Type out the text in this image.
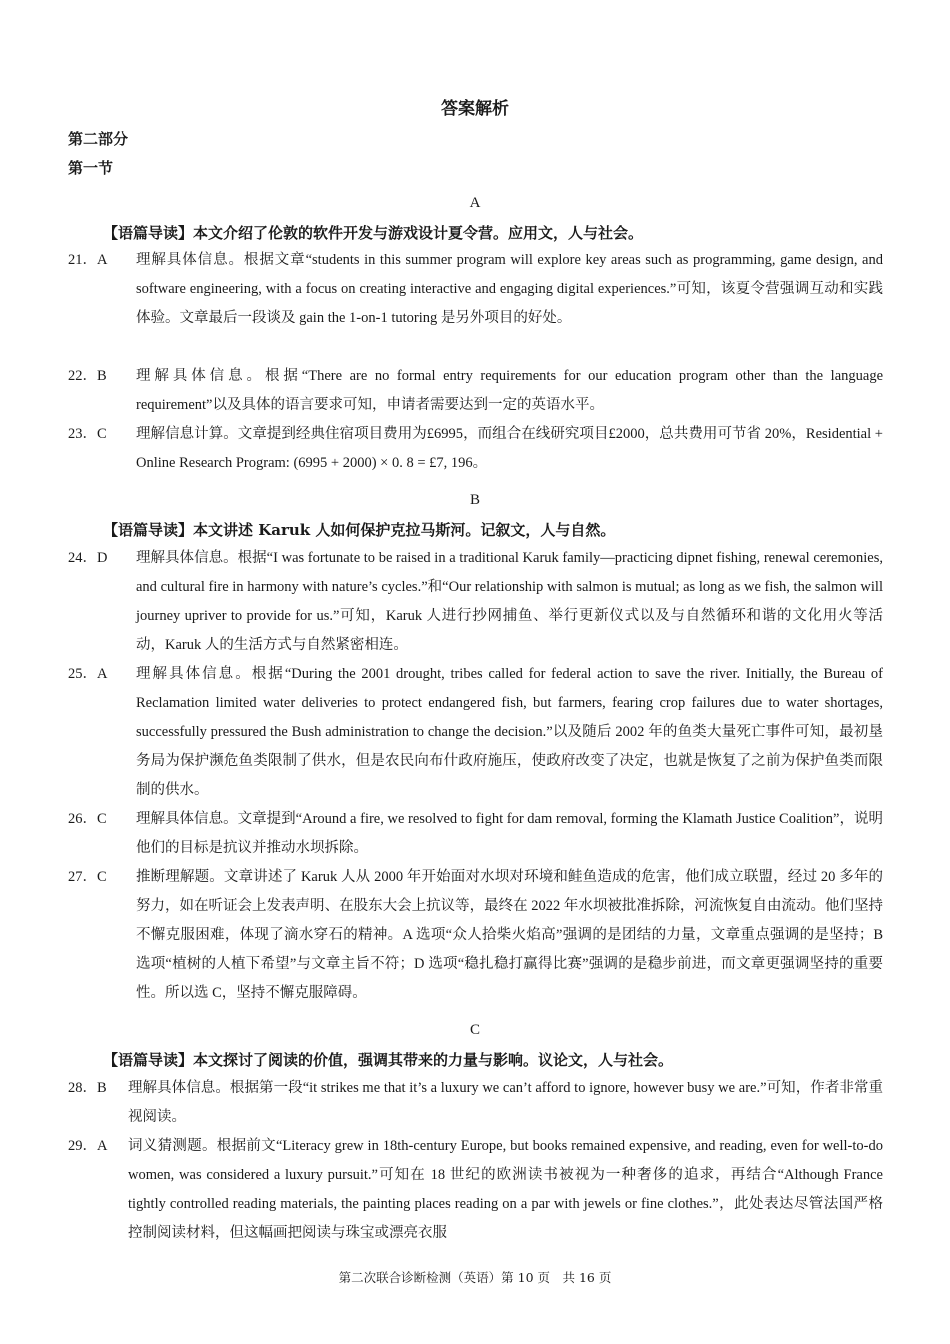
答案解析
第二部分
第一节
A
【语篇导读】本文介绍了伦敦的软件开发与游戏设计夏令营。应用文，人与社会。
21．A	理解具体信息。根据文章“students in this summer program will explore key areas such as programming, game design, and software engineering, with a focus on creating interactive and engaging digital experiences.”可知，该夏令营强调互动和实践体验。文章最后一段谈及 gain the 1-on-1 tutoring 是另外项目的好处。
22．B	理解具体信息。根据“There are no formal entry requirements for our education program other than the language requirement”以及具体的语言要求可知，申请者需要达到一定的英语水平。
23．C	理解信息计算。文章提到经典住宿项目费用为£6995，而组合在线研究项目£2000，总共费用可节省 20%，Residential + Online Research Program: (6995 + 2000) × 0. 8 = £7, 196。
B
【语篇导读】本文讲述 Karuk 人如何保护克拉马斯河。记叙文，人与自然。
24．D	理解具体信息。根据“I was fortunate to be raised in a traditional Karuk family—practicing dipnet fishing, renewal ceremonies, and cultural fire in harmony with nature’s cycles.”和“Our relationship with salmon is mutual; as long as we fish, the salmon will journey upriver to provide for us.”可知，Karuk 人进行抄网捕鱼、举行更新仪式以及与自然循环和谐的文化用火等活动，Karuk 人的生活方式与自然紧密相连。
25．A	理解具体信息。根据“During the 2001 drought, tribes called for federal action to save the river. Initially, the Bureau of Reclamation limited water deliveries to protect endangered fish, but farmers, fearing crop failures due to water shortages, successfully pressured the Bush administration to change the decision.”以及随后 2002 年的鱼类大量死亡事件可知，最初垦务局为保护濒危鱼类限制了供水，但是农民向布什政府施压，使政府改变了决定，也就是恢复了之前为保护鱼类而限制的供水。
26．C	理解具体信息。文章提到“Around a fire, we resolved to fight for dam removal, forming the Klamath Justice Coalition”，说明他们的目标是抗议并推动水坝拆除。
27．C	推断理解题。文章讲述了 Karuk 人从 2000 年开始面对水坝对环境和鲑鱼造成的危害，他们成立联盟，经过 20 多年的努力，如在听证会上发表声明、在股东大会上抗议等，最终在 2022 年水坝被批准拆除，河流恢复自由流动。他们坚持不懈克服困难，体现了滴水穿石的精神。A 选项“众人拾柴火焰高”强调的是团结的力量，文章重点强调的是坚持；B 选项“植树的人植下希望”与文章主旨不符；D 选项“稳扎稳打赢得比赛”强调的是稳步前进，而文章更强调坚持的重要性。所以选 C，坚持不懈克服障碍。
C
【语篇导读】本文探讨了阅读的价值，强调其带来的力量与影响。议论文，人与社会。
28．B	理解具体信息。根据第一段“it strikes me that it’s a luxury we can’t afford to ignore, however busy we are.”可知，作者非常重视阅读。
29．A	词义猜测题。根据前文“Literacy grew in 18th-century Europe, but books remained expensive, and reading, even for well-to-do women, was considered a luxury pursuit.”可知在 18 世纪的欧洲读书被视为一种奢侈的追求，再结合“Although France tightly controlled reading materials, the painting places reading on a par with jewels or fine clothes.”，此处表达尽管法国严格控制阅读材料，但这幅画把阅读与珠宝或漂亮衣服
第二次联合诊断检测（英语）第 10 页　共 16 页
